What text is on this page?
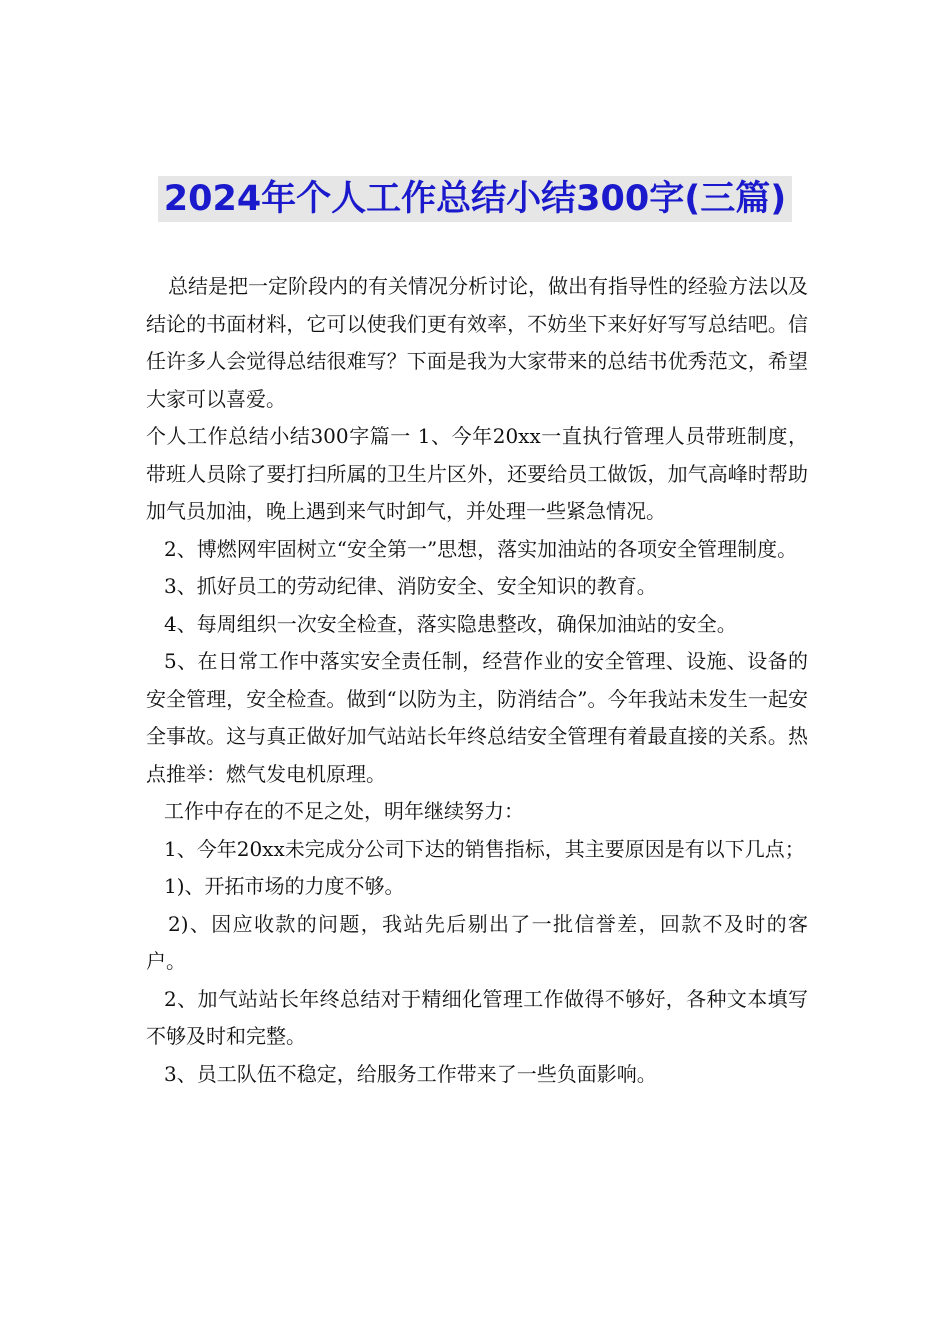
2024年个人工作总结小结300字(三篇)

总结是把一定阶段内的有关情况分析讨论，做出有指导性的经验方法以及结论的书面材料，它可以使我们更有效率，不妨坐下来好好写写总结吧。信任许多人会觉得总结很难写？下面是我为大家带来的总结书优秀范文，希望大家可以喜爱。

个人工作总结小结300字篇一 1、今年20xx一直执行管理人员带班制度，带班人员除了要打扫所属的卫生片区外，还要给员工做饭，加气高峰时帮助加气员加油，晚上遇到来气时卸气，并处理一些紧急情况。

2、博燃网牢固树立“安全第一”思想，落实加油站的各项安全管理制度。

3、抓好员工的劳动纪律、消防安全、安全知识的教育。

4、每周组织一次安全检查，落实隐患整改，确保加油站的安全。

5、在日常工作中落实安全责任制，经营作业的安全管理、设施、设备的安全管理，安全检查。做到“以防为主，防消结合”。今年我站未发生一起安全事故。这与真正做好加气站站长年终总结安全管理有着最直接的关系。热点推举：燃气发电机原理。

工作中存在的不足之处，明年继续努力：

1、今年20xx未完成分公司下达的销售指标，其主要原因是有以下几点；

1)、开拓市场的力度不够。

2)、因应收款的问题，我站先后剔出了一批信誉差，回款不及时的客户。

2、加气站站长年终总结对于精细化管理工作做得不够好，各种文本填写不够及时和完整。

3、员工队伍不稳定，给服务工作带来了一些负面影响。
